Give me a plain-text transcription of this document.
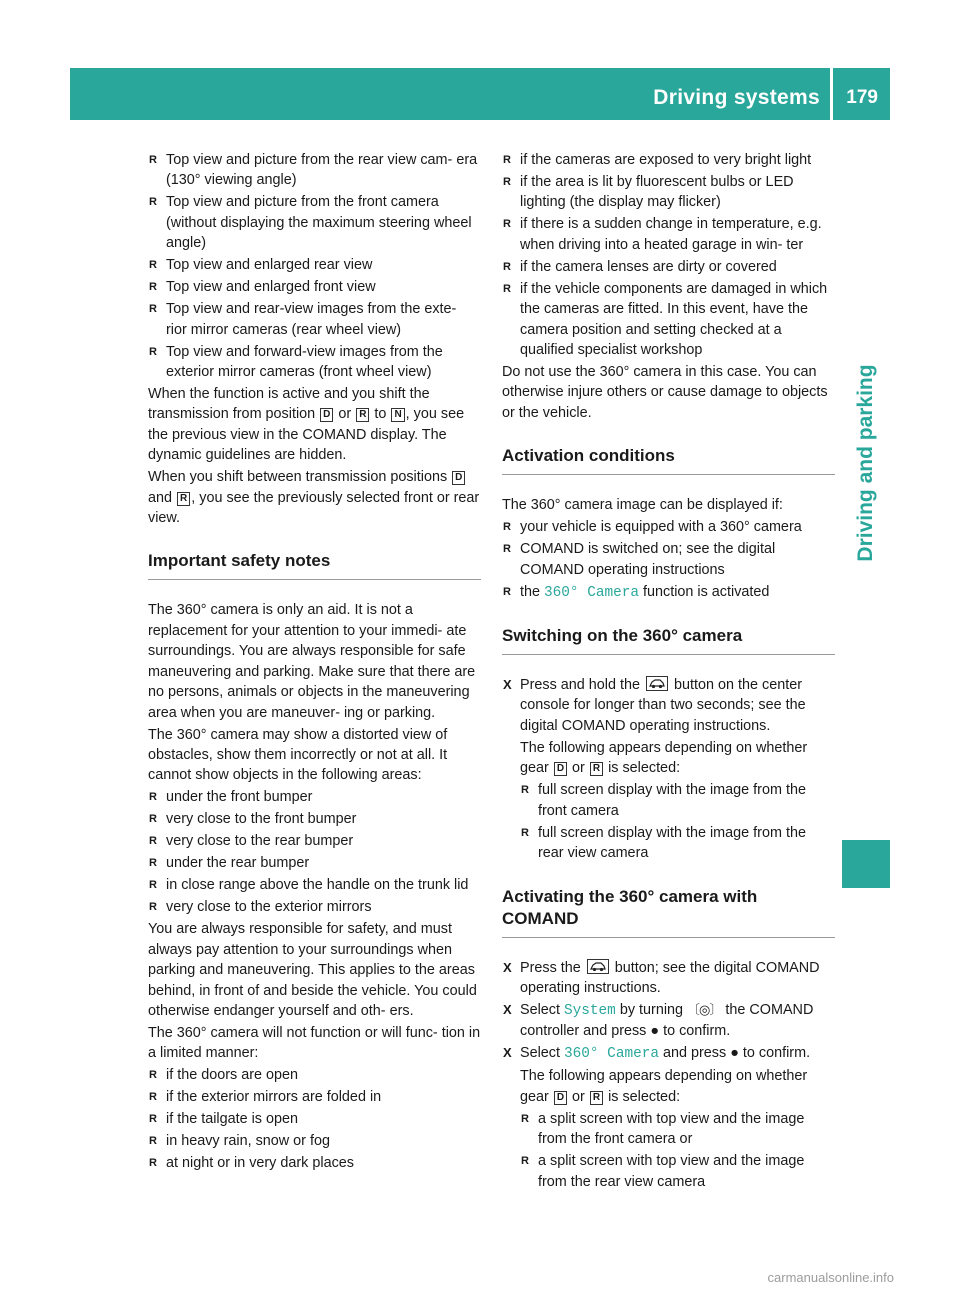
Driving systems 179
Driving and parking
R Top view and picture from the rear view cam- era (130° viewing angle)
R Top view and picture from the front camera (without displaying the maximum steering wheel angle)
R Top view and enlarged rear view
R Top view and enlarged front view
R Top view and rear-view images from the exte- rior mirror cameras (rear wheel view)
R Top view and forward-view images from the exterior mirror cameras (front wheel view)

When the function is active and you shift the transmission from position D or R to N , you see the previous view in the COMAND display. The dynamic guidelines are hidden.

When you shift between transmission positions D and R , you see the previously selected front or rear view.

Important safety notes

The 360° camera is only an aid. It is not a replacement for your attention to your immedi- ate surroundings. You are always responsible for safe maneuvering and parking. Make sure that there are no persons, animals or objects in the maneuvering area when you are maneuver- ing or parking.

The 360° camera may show a distorted view of obstacles, show them incorrectly or not at all. It cannot show objects in the following areas:

R under the front bumper
R very close to the front bumper
R very close to the rear bumper
R under the rear bumper
R in close range above the handle on the trunk lid
R very close to the exterior mirrors

You are always responsible for safety, and must always pay attention to your surroundings when parking and maneuvering. This applies to the areas behind, in front of and beside the vehicle. You could otherwise endanger yourself and oth- ers.

The 360° camera will not function or will func- tion in a limited manner:

R if the doors are open
R if the exterior mirrors are folded in
R if the tailgate is open
R in heavy rain, snow or fog
R at night or in very dark places
R if the cameras are exposed to very bright light
R if the area is lit by fluorescent bulbs or LED lighting (the display may flicker)
R if there is a sudden change in temperature, e.g. when driving into a heated garage in win- ter
R if the camera lenses are dirty or covered
R if the vehicle components are damaged in which the cameras are fitted. In this event, have the camera position and setting checked at a qualified specialist workshop

Do not use the 360° camera in this case. You can otherwise injure others or cause damage to objects or the vehicle.

Activation conditions

The 360° camera image can be displayed if:

R your vehicle is equipped with a 360° camera
R COMAND is switched on; see the digital COMAND operating instructions
R the 360° Camera function is activated
Switching on the 360° camera
X Press and hold the button on the center console for longer than two seconds; see the digital COMAND operating instructions.

The following appears depending on whether gear D or R is selected:

R full screen display with the image from the front camera
R full screen display with the image from the rear view camera
Activating the 360° camera with COMAND
X Press the button; see the digital COMAND operating instructions.
X Select System by turning 〔◎〕 the COMAND controller and press ● to confirm.
X Select 360° Camera and press ● to confirm.

The following appears depending on whether gear D or R is selected:

R a split screen with top view and the image from the front camera or
R a split screen with top view and the image from the rear view camera
carmanualsonline.info
